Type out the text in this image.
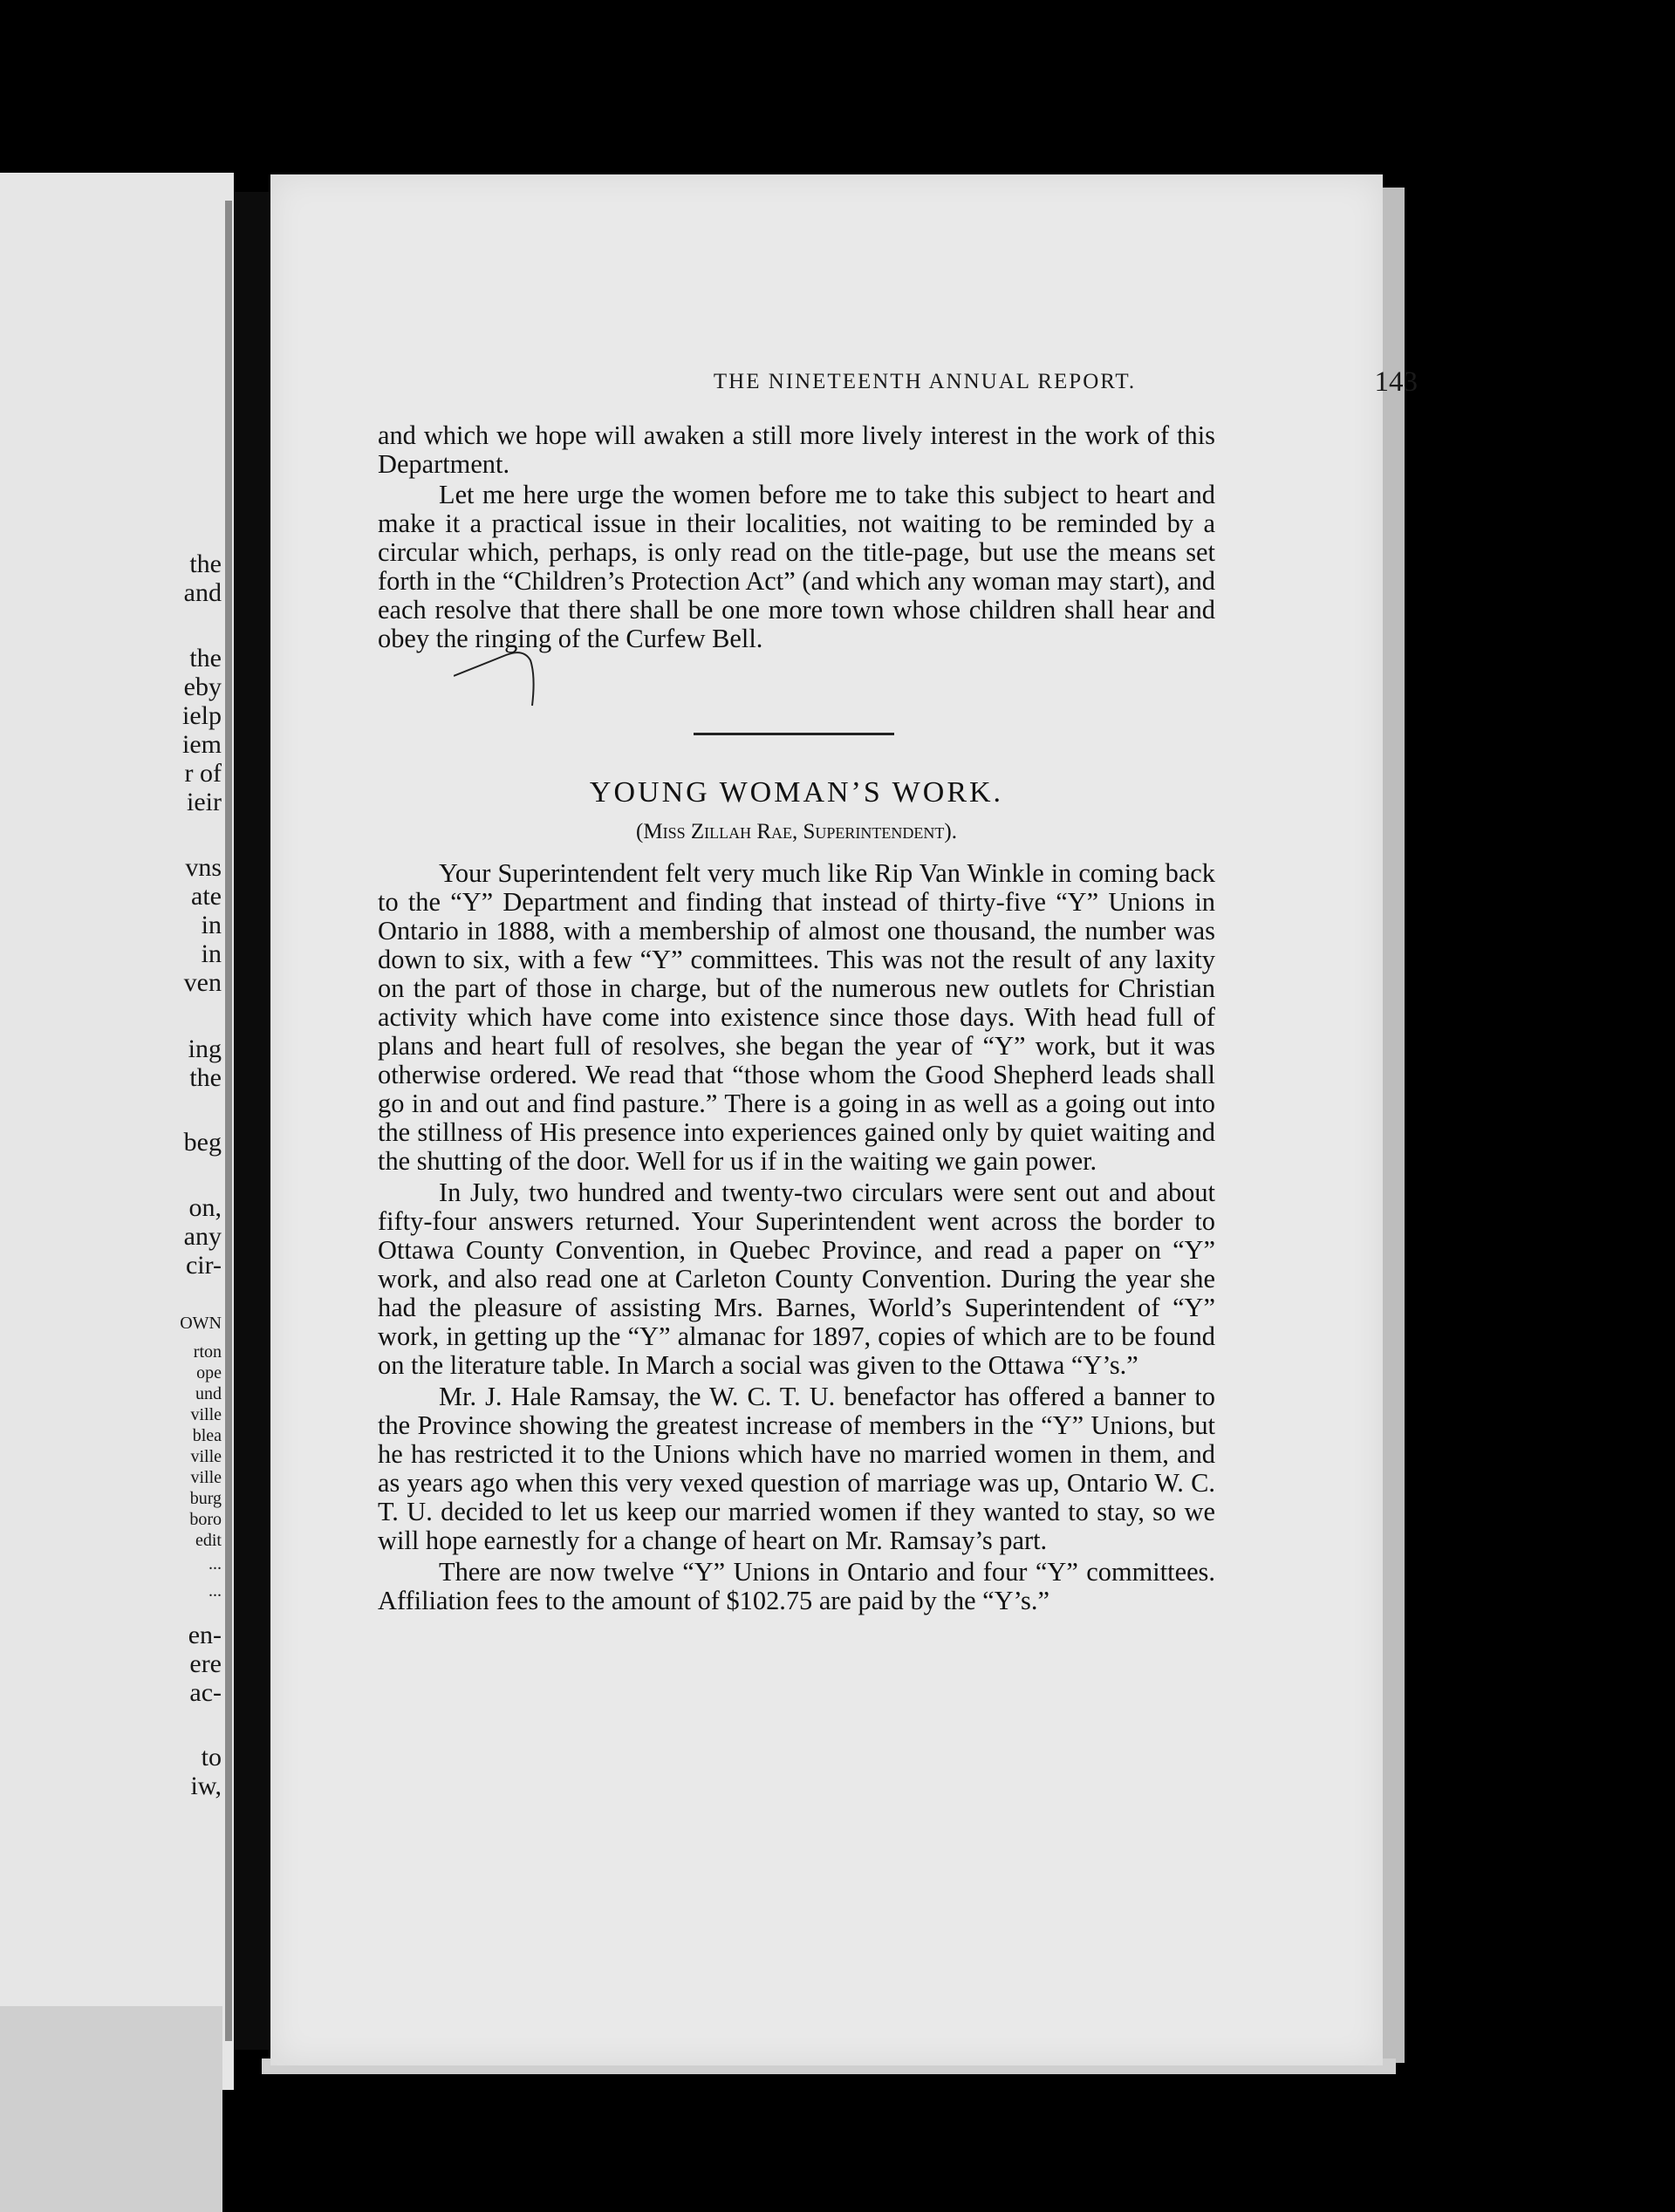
the
and
the
eby
ielp
iem
r of
ieir
vns
ate
in
in
ven
ing
the
beg
on,
any
cir-
OWN
rton
ope
und
ville
blea
ville
ville
burg
boro
edit
...
...
en-
ere
ac-
to
iw,
THE NINETEENTH ANNUAL REPORT.	143

and which we hope will awaken a still more lively interest in the work of this Department.

Let me here urge the women before me to take this subject to heart and make it a practical issue in their localities, not waiting to be reminded by a circular which, perhaps, is only read on the title-page, but use the means set forth in the “Children’s Protection Act” (and which any woman may start), and each resolve that there shall be one more town whose children shall hear and obey the ringing of the Curfew Bell.

YOUNG WOMAN’S WORK.
(Miss Zillah Rae, Superintendent).

Your Superintendent felt very much like Rip Van Winkle in coming back to the “Y” Department and finding that instead of thirty-five “Y” Unions in Ontario in 1888, with a membership of almost one thousand, the number was down to six, with a few “Y” committees. This was not the result of any laxity on the part of those in charge, but of the numerous new outlets for Christian activity which have come into existence since those days. With head full of plans and heart full of resolves, she began the year of “Y” work, but it was otherwise ordered. We read that “those whom the Good Shepherd leads shall go in and out and find pasture.” There is a going in as well as a going out into the stillness of His presence into experiences gained only by quiet waiting and the shutting of the door. Well for us if in the waiting we gain power.

In July, two hundred and twenty-two circulars were sent out and about fifty-four answers returned. Your Superintendent went across the border to Ottawa County Convention, in Quebec Province, and read a paper on “Y” work, and also read one at Carleton County Convention. During the year she had the pleasure of assisting Mrs. Barnes, World’s Superintendent of “Y” work, in getting up the “Y” almanac for 1897, copies of which are to be found on the literature table. In March a social was given to the Ottawa “Y’s.”

Mr. J. Hale Ramsay, the W. C. T. U. benefactor has offered a banner to the Province showing the greatest increase of members in the “Y” Unions, but he has restricted it to the Unions which have no married women in them, and as years ago when this very vexed question of marriage was up, Ontario W. C. T. U. decided to let us keep our married women if they wanted to stay, so we will hope earnestly for a change of heart on Mr. Ramsay’s part.

There are now twelve “Y” Unions in Ontario and four “Y” committees. Affiliation fees to the amount of $102.75 are paid by the “Y’s.”
